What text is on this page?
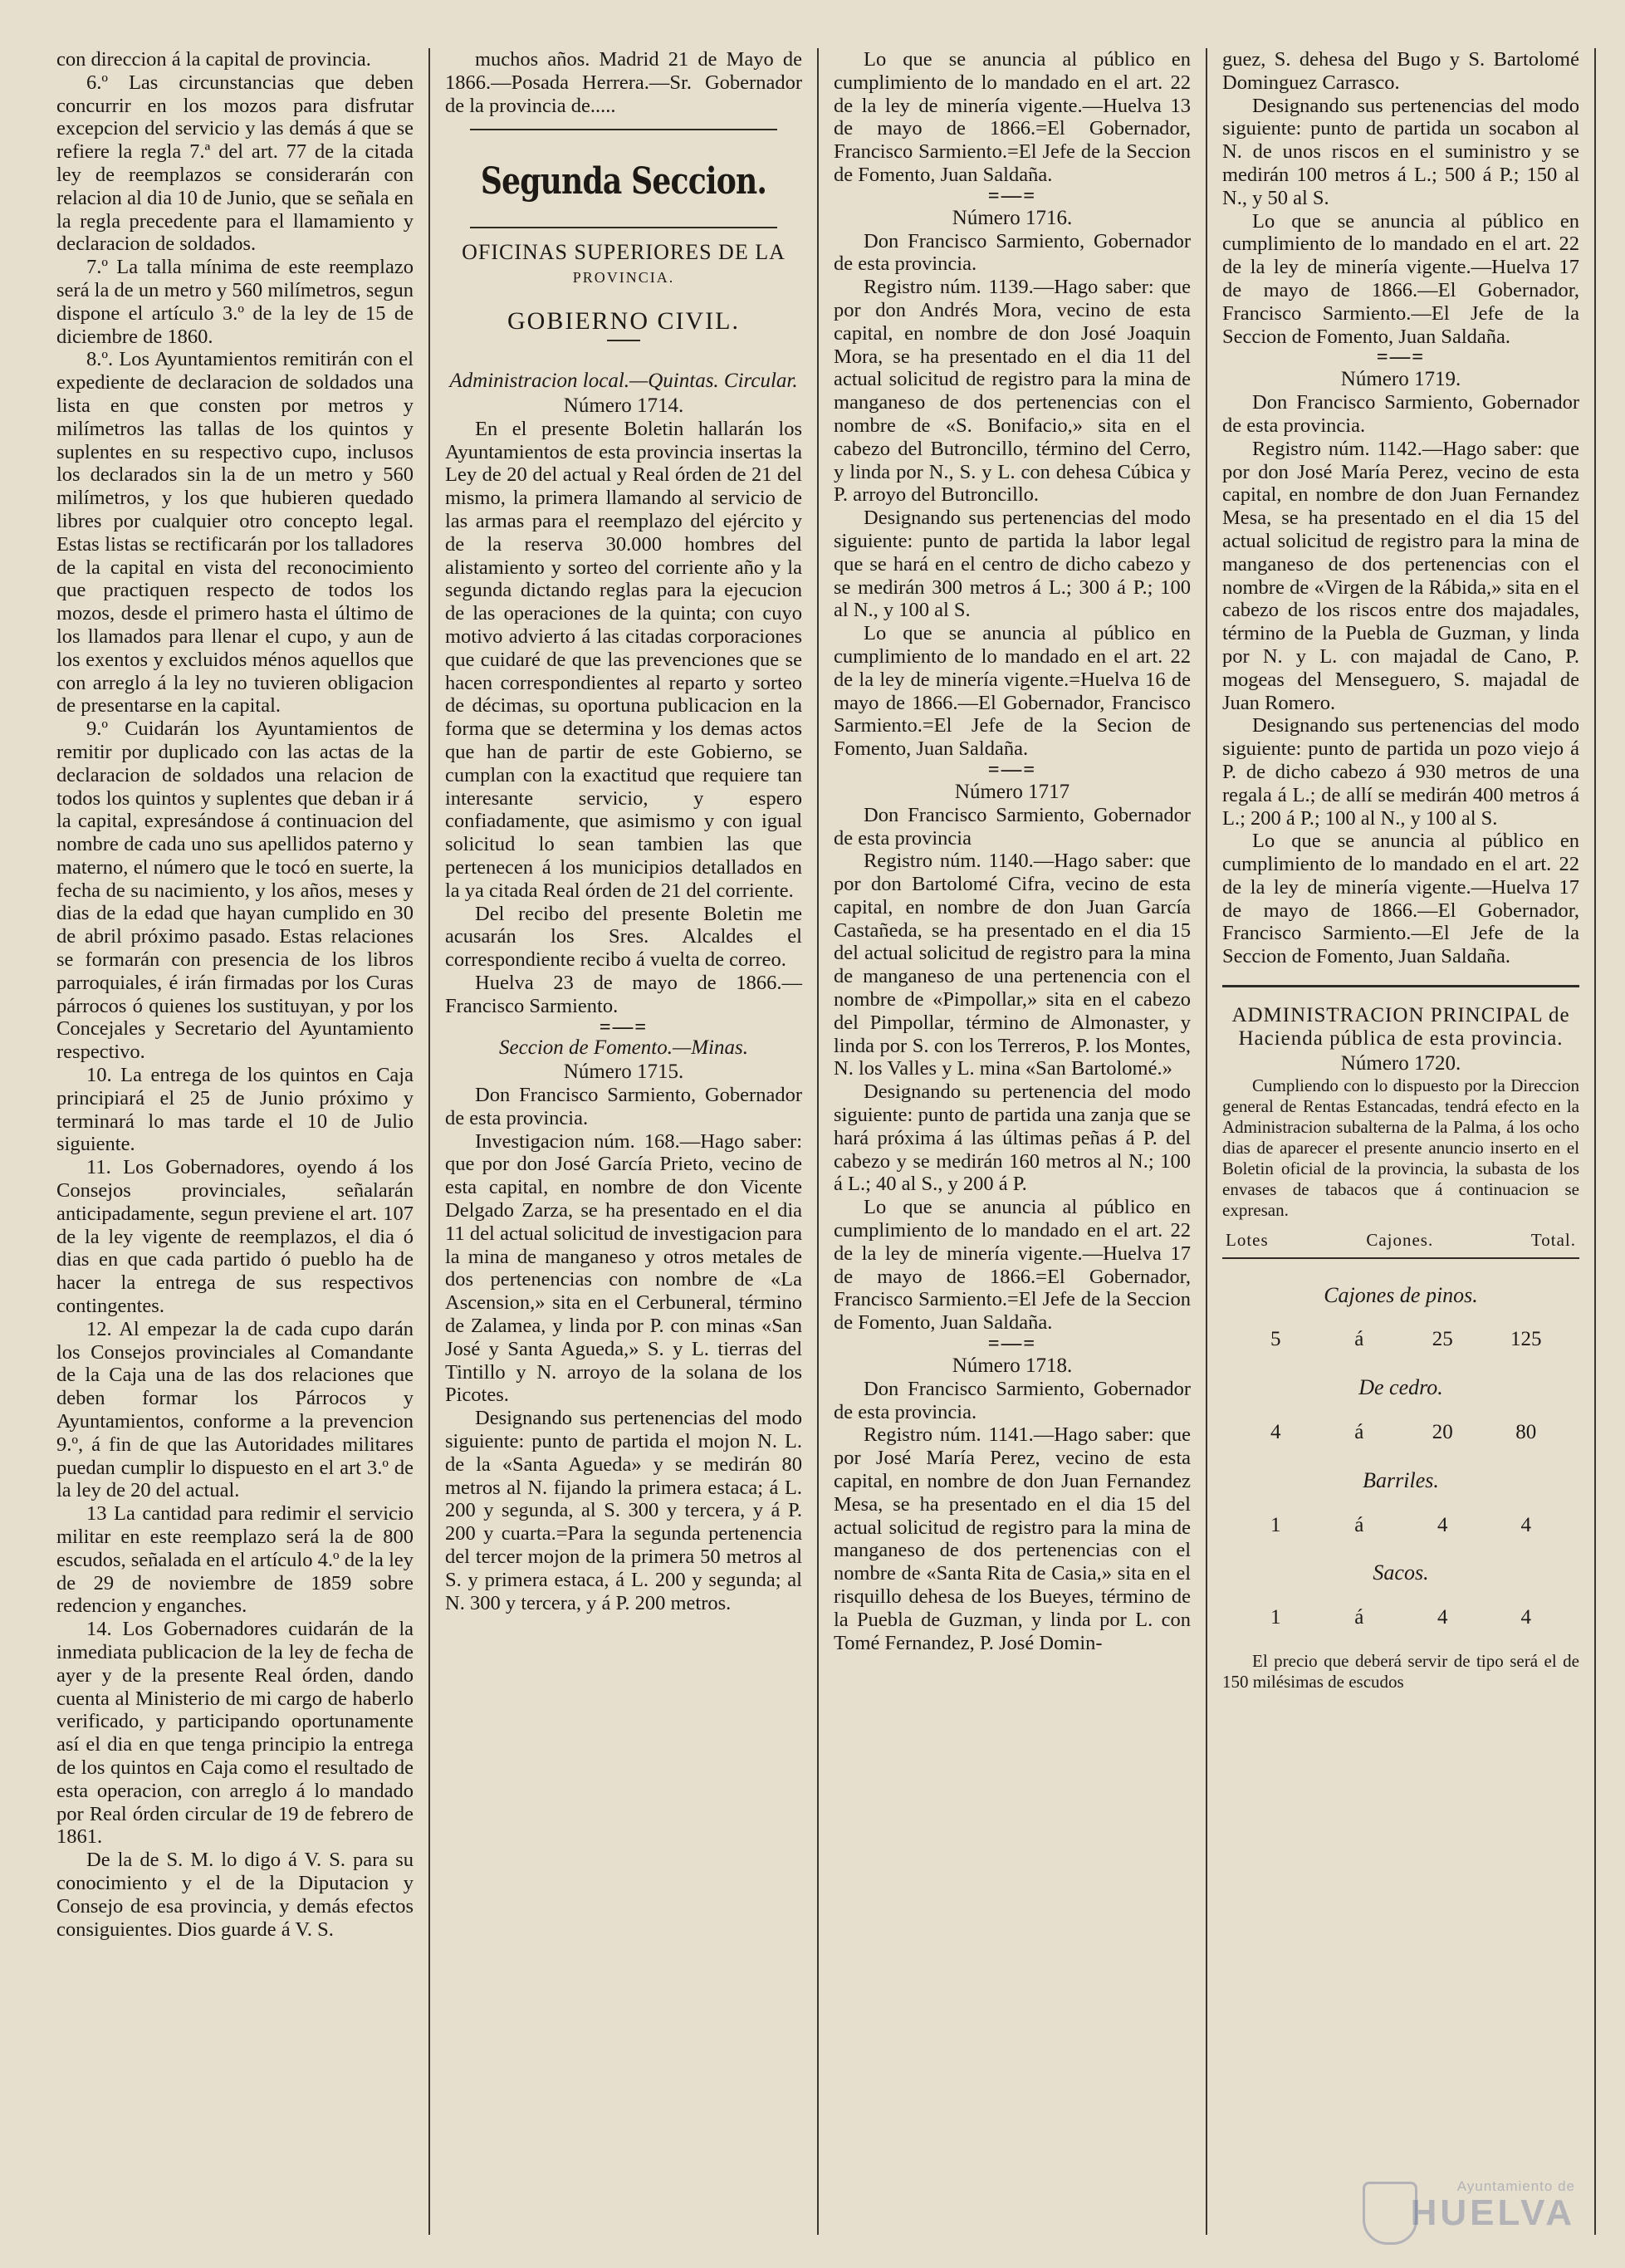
con direccion á la capital de provincia.

6.º Las circunstancias que deben concurrir en los mozos para disfrutar excepcion del servicio y las demás á que se refiere la regla 7.ª del art. 77 de la citada ley de reemplazos se considerarán con relacion al dia 10 de Junio, que se señala en la regla precedente para el llamamiento y declaracion de soldados.

7.º La talla mínima de este reemplazo será la de un metro y 560 milímetros, segun dispone el artículo 3.º de la ley de 15 de diciembre de 1860.

8.º. Los Ayuntamientos remitirán con el expediente de declaracion de soldados una lista en que consten por metros y milímetros las tallas de los quintos y suplentes en su respectivo cupo, inclusos los declarados sin la de un metro y 560 milímetros, y los que hubieren quedado libres por cualquier otro concepto legal. Estas listas se rectificarán por los talladores de la capital en vista del reconocimiento que practiquen respecto de todos los mozos, desde el primero hasta el último de los llamados para llenar el cupo, y aun de los exentos y excluidos ménos aquellos que con arreglo á la ley no tuvieren obligacion de presentarse en la capital.

9.º Cuidarán los Ayuntamientos de remitir por duplicado con las actas de la declaracion de soldados una relacion de todos los quintos y suplentes que deban ir á la capital, expresándose á continuacion del nombre de cada uno sus apellidos paterno y materno, el número que le tocó en suerte, la fecha de su nacimiento, y los años, meses y dias de la edad que hayan cumplido en 30 de abril próximo pasado. Estas relaciones se formarán con presencia de los libros parroquiales, é irán firmadas por los Curas párrocos ó quienes los sustituyan, y por los Concejales y Secretario del Ayuntamiento respectivo.

10. La entrega de los quintos en Caja principiará el 25 de Junio próximo y terminará lo mas tarde el 10 de Julio siguiente.

11. Los Gobernadores, oyendo á los Consejos provinciales, señalarán anticipadamente, segun previene el art. 107 de la ley vigente de reemplazos, el dia ó dias en que cada partido ó pueblo ha de hacer la entrega de sus respectivos contingentes.

12. Al empezar la de cada cupo darán los Consejos provinciales al Comandante de la Caja una de las dos relaciones que deben formar los Párrocos y Ayuntamientos, conforme a la prevencion 9.º, á fin de que las Autoridades militares puedan cumplir lo dispuesto en el art 3.º de la ley de 20 del actual.

13 La cantidad para redimir el servicio militar en este reemplazo será la de 800 escudos, señalada en el artículo 4.º de la ley de 29 de noviembre de 1859 sobre redencion y enganches.

14. Los Gobernadores cuidarán de la inmediata publicacion de la ley de fecha de ayer y de la presente Real órden, dando cuenta al Ministerio de mi cargo de haberlo verificado, y participando oportunamente así el dia en que tenga principio la entrega de los quintos en Caja como el resultado de esta operacion, con arreglo á lo mandado por Real órden circular de 19 de febrero de 1861.

De la de S. M. lo digo á V. S. para su conocimiento y el de la Diputacion y Consejo de esa provincia, y demás efectos consiguientes. Dios guarde á V. S.

muchos años. Madrid 21 de Mayo de 1866.—Posada Herrera.—Sr. Gobernador de la provincia de.....

Segunda Seccion.
OFICINAS SUPERIORES DE LA
PROVINCIA.
GOBIERNO CIVIL.

Administracion local.—Quintas. Circular.

Número 1714.

En el presente Boletin hallarán los Ayuntamientos de esta provincia insertas la Ley de 20 del actual y Real órden de 21 del mismo, la primera llamando al servicio de las armas para el reemplazo del ejército y de la reserva 30.000 hombres del alistamiento y sorteo del corriente año y la segunda dictando reglas para la ejecucion de las operaciones de la quinta; con cuyo motivo advierto á las citadas corporaciones que cuidaré de que las prevenciones que se hacen correspondientes al reparto y sorteo de décimas, su oportuna publicacion en la forma que se determina y los demas actos que han de partir de este Gobierno, se cumplan con la exactitud que requiere tan interesante servicio, y espero confiadamente, que asimismo y con igual solicitud lo sean tambien las que pertenecen á los municipios detallados en la ya citada Real órden de 21 del corriente.

Del recibo del presente Boletin me acusarán los Sres. Alcaldes el correspondiente recibo á vuelta de correo.

Huelva 23 de mayo de 1866.—Francisco Sarmiento.

=—=

Seccion de Fomento.—Minas.

Número 1715.

Don Francisco Sarmiento, Gobernador de esta provincia.

Investigacion núm. 168.—Hago saber: que por don José García Prieto, vecino de esta capital, en nombre de don Vicente Delgado Zarza, se ha presentado en el dia 11 del actual solicitud de investigacion para la mina de manganeso y otros metales de dos pertenencias con nombre de «La Ascension,» sita en el Cerbuneral, término de Zalamea, y linda por P. con minas «San José y Santa Agueda,» S. y L. tierras del Tintillo y N. arroyo de la solana de los Picotes.

Designando sus pertenencias del modo siguiente: punto de partida el mojon N. L. de la «Santa Agueda» y se medirán 80 metros al N. fijando la primera estaca; á L. 200 y segunda, al S. 300 y tercera, y á P. 200 y cuarta.=Para la segunda pertenencia del tercer mojon de la primera 50 metros al S. y primera estaca, á L. 200 y segunda; al N. 300 y tercera, y á P. 200 metros.

Lo que se anuncia al público en cumplimiento de lo mandado en el art. 22 de la ley de minería vigente.—Huelva 13 de mayo de 1866.=El Gobernador, Francisco Sarmiento.=El Jefe de la Seccion de Fomento, Juan Saldaña.

=—=

Número 1716.

Don Francisco Sarmiento, Gobernador de esta provincia.

Registro núm. 1139.—Hago saber: que por don Andrés Mora, vecino de esta capital, en nombre de don José Joaquin Mora, se ha presentado en el dia 11 del actual solicitud de registro para la mina de manganeso de dos pertenencias con el nombre de «S. Bonifacio,» sita en el cabezo del Butroncillo, término del Cerro, y linda por N., S. y L. con dehesa Cúbica y P. arroyo del Butroncillo.

Designando sus pertenencias del modo siguiente: punto de partida la labor legal que se hará en el centro de dicho cabezo y se medirán 300 metros á L.; 300 á P.; 100 al N., y 100 al S.

Lo que se anuncia al público en cumplimiento de lo mandado en el art. 22 de la ley de minería vigente.=Huelva 16 de mayo de 1866.—El Gobernador, Francisco Sarmiento.=El Jefe de la Secion de Fomento, Juan Saldaña.

=—=

Número 1717

Don Francisco Sarmiento, Gobernador de esta provincia

Registro núm. 1140.—Hago saber: que por don Bartolomé Cifra, vecino de esta capital, en nombre de don Juan García Castañeda, se ha presentado en el dia 15 del actual solicitud de registro para la mina de manganeso de una pertenencia con el nombre de «Pimpollar,» sita en el cabezo del Pimpollar, término de Almonaster, y linda por S. con los Terreros, P. los Montes, N. los Valles y L. mina «San Bartolomé.»

Designando su pertenencia del modo siguiente: punto de partida una zanja que se hará próxima á las últimas peñas á P. del cabezo y se medirán 160 metros al N.; 100 á L.; 40 al S., y 200 á P.

Lo que se anuncia al público en cumplimiento de lo mandado en el art. 22 de la ley de minería vigente.—Huelva 17 de mayo de 1866.=El Gobernador, Francisco Sarmiento.=El Jefe de la Seccion de Fomento, Juan Saldaña.

=—=

Número 1718.

Don Francisco Sarmiento, Gobernador de esta provincia.

Registro núm. 1141.—Hago saber: que por José María Perez, vecino de esta capital, en nombre de don Juan Fernandez Mesa, se ha presentado en el dia 15 del actual solicitud de registro para la mina de manganeso de dos pertenencias con el nombre de «Santa Rita de Casia,» sita en el risquillo dehesa de los Bueyes, término de la Puebla de Guzman, y linda por L. con Tomé Fernandez, P. José Domin-

guez, S. dehesa del Bugo y S. Bartolomé Dominguez Carrasco.

Designando sus pertenencias del modo siguiente: punto de partida un socabon al N. de unos riscos en el suministro y se medirán 100 metros á L.; 500 á P.; 150 al N., y 50 al S.

Lo que se anuncia al público en cumplimiento de lo mandado en el art. 22 de la ley de minería vigente.—Huelva 17 de mayo de 1866.—El Gobernador, Francisco Sarmiento.—El Jefe de la Seccion de Fomento, Juan Saldaña.

=—=

Número 1719.

Don Francisco Sarmiento, Gobernador de esta provincia.

Registro núm. 1142.—Hago saber: que por don José María Perez, vecino de esta capital, en nombre de don Juan Fernandez Mesa, se ha presentado en el dia 15 del actual solicitud de registro para la mina de manganeso de dos pertenencias con el nombre de «Virgen de la Rábida,» sita en el cabezo de los riscos entre dos majadales, término de la Puebla de Guzman, y linda por N. y L. con majadal de Cano, P. mogeas del Menseguero, S. majadal de Juan Romero.

Designando sus pertenencias del modo siguiente: punto de partida un pozo viejo á P. de dicho cabezo á 930 metros de una regala á L.; de allí se medirán 400 metros á L.; 200 á P.; 100 al N., y 100 al S.

Lo que se anuncia al público en cumplimiento de lo mandado en el art. 22 de la ley de minería vigente.—Huelva 17 de mayo de 1866.—El Gobernador, Francisco Sarmiento.—El Jefe de la Seccion de Fomento, Juan Saldaña.

ADMINISTRACION PRINCIPAL de Hacienda pública de esta provincia.

Número 1720.

Cumpliendo con lo dispuesto por la Direccion general de Rentas Estancadas, tendrá efecto en la Administracion subalterna de la Palma, á los ocho dias de aparecer el presente anuncio inserto en el Boletin oficial de la provincia, la subasta de los envases de tabacos que á continuacion se expresan.

Lotes	Cajones.	Total.
Cajones de pinos.
5	á	25	125
De cedro.
4	á	20	80
Barriles.
1	á	4	4
Sacos.
1	á	4	4

El precio que deberá servir de tipo será el de 150 milésimas de escudos

Ayuntamiento de
HUELVA
